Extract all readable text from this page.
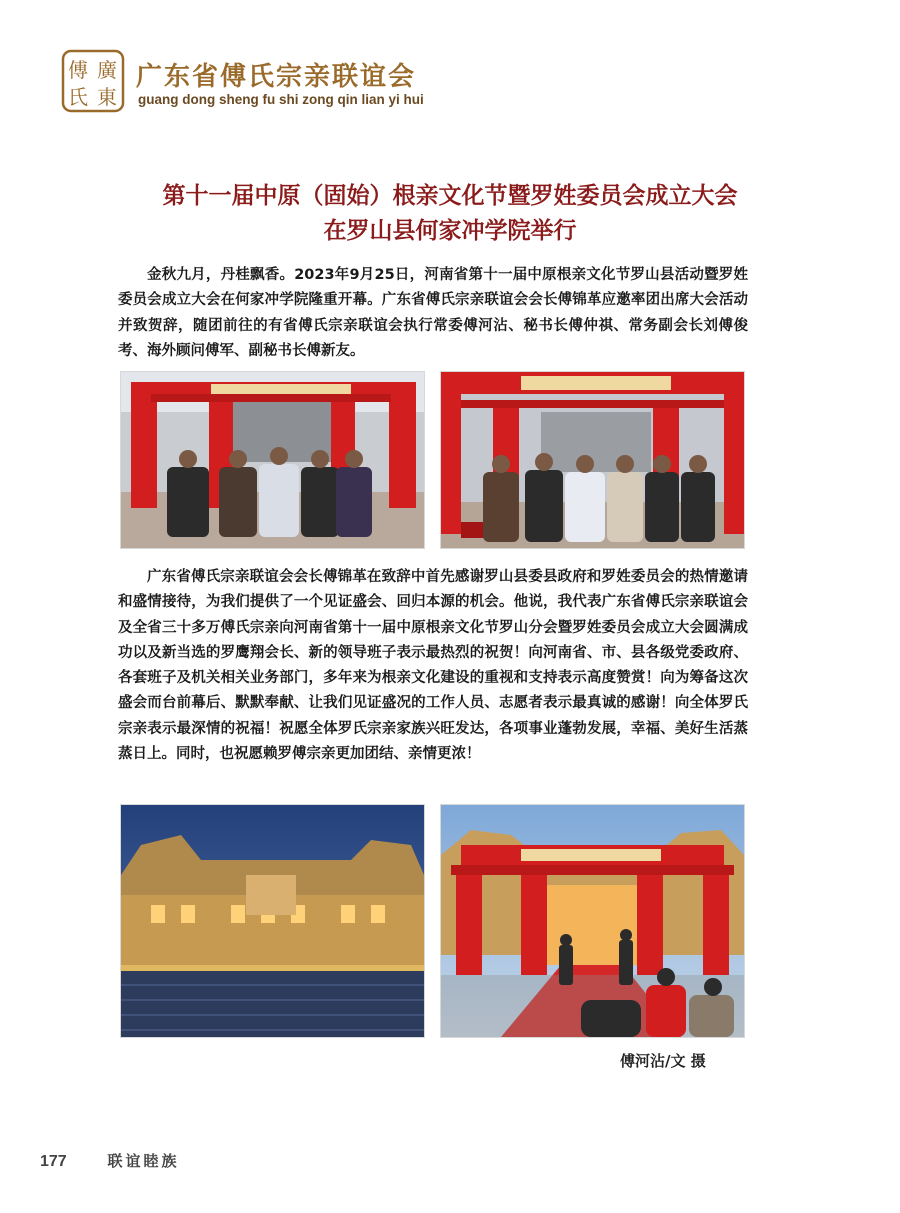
傅 廣
氏 東
广东省傅氏宗亲联谊会
guang dong sheng fu shi zong qin lian yi hui
第十一届中原（固始）根亲文化节暨罗姓委员会成立大会
在罗山县何家冲学院举行

金秋九月，丹桂飘香。2023年9月25日，河南省第十一届中原根亲文化节罗山县活动暨罗姓委员会成立大会在何家冲学院隆重开幕。广东省傅氏宗亲联谊会会长傅锦革应邀率团出席大会活动并致贺辞，随团前往的有省傅氏宗亲联谊会执行常委傅河沾、秘书长傅仲祺、常务副会长刘傅俊考、海外顾问傅军、副秘书长傅新友。

广东省傅氏宗亲联谊会会长傅锦革在致辞中首先感谢罗山县委县政府和罗姓委员会的热情邀请和盛情接待，为我们提供了一个见证盛会、回归本源的机会。他说，我代表广东省傅氏宗亲联谊会及全省三十多万傅氏宗亲向河南省第十一届中原根亲文化节罗山分会暨罗姓委员会成立大会圆满成功以及新当选的罗鹰翔会长、新的领导班子表示最热烈的祝贺！向河南省、市、县各级党委政府、各套班子及机关相关业务部门，多年来为根亲文化建设的重视和支持表示高度赞赏！向为筹备这次盛会而台前幕后、默默奉献、让我们见证盛况的工作人员、志愿者表示最真诚的感谢！向全体罗氏宗亲表示最深情的祝福！祝愿全体罗氏宗亲家族兴旺发达，各项事业蓬勃发展，幸福、美好生活蒸蒸日上。同时，也祝愿赖罗傅宗亲更加团结、亲情更浓！

傅河沾/文 摄
177	联谊睦族
